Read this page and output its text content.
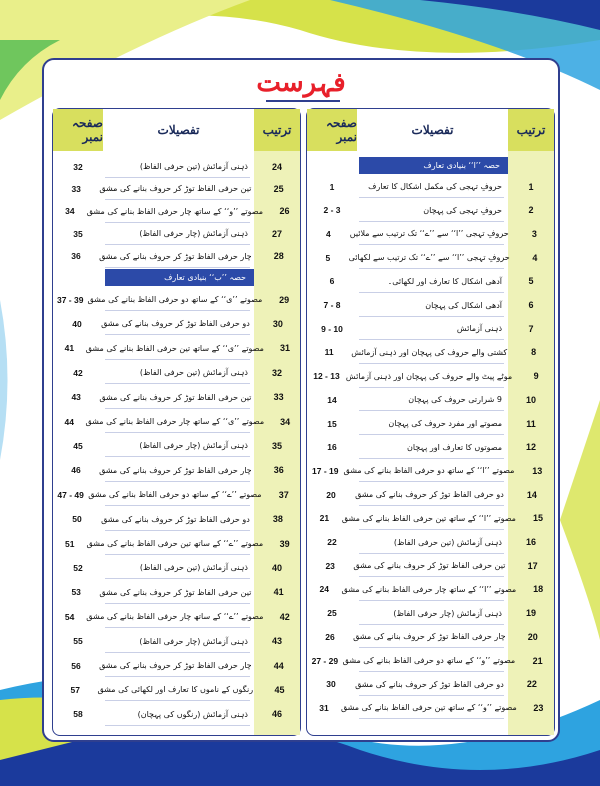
فہرست
صفحہ نمبر	تفصیلات	ترتیب
حصہ ’’ا‘‘ بنیادی تعارف
1	حروفِ تہجی کی مکمل اشکال کا تعارف	1
2 - 3	حروفِ تہجی کی پہچان	2
4	حروفِ تہجی ’’ا‘‘ سے ’’ے‘‘ تک ترتیب سے ملائیں	3
5	حروفِ تہجی ’’ا‘‘ سے ’’ے‘‘ تک ترتیب سے لکھائی	4
6	آدھی اشکال کا تعارف اور لکھائی۔	5
7 - 8	آدھی اشکال کی پہچان	6
9 - 10	ذہنی آزمائش	7
11	کشتی والے حروف کی پہچان اور ذہنی آزمائش	8
12 - 13 موٹے پیٹ والے حروف کی پہچان اور ذہنی آزمائش	9
14	9 شرارتی حروف کی پہچان	10
15	مصوتے اور مفرد حروف کی پہچان	11
16	مصوتوں کا تعارف اور پہچان	12
17 - 19 مصوتے ’’ا‘‘ کے ساتھ دو حرفی الفاظ بنانے کی مشق	13
20	دو حرفی الفاظ توڑ کر حروف بنانے کی مشق	14
21	مصوتے ’’ا‘‘ کے ساتھ تین حرفی الفاظ بنانے کی مشق	15
22	ذہنی آزمائش (تین حرفی الفاظ)	16
23	تین حرفی الفاظ توڑ کر حروف بنانے کی مشق	17
24	مصوتے ’’ا‘‘ کے ساتھ چار حرفی الفاظ بنانے کی مشق	18
25	ذہنی آزمائش (چار حرفی الفاظ)	19
26	چار حرفی الفاظ توڑ کر حروف بنانے کی مشق	20
27 - 29 مصوتے ’’و‘‘ کے ساتھ دو حرفی الفاظ بنانے کی مشق	21
30	دو حرفی الفاظ توڑ کر حروف بنانے کی مشق	22
31	مصوتے ’’و‘‘ کے ساتھ تین حرفی الفاظ بنانے کی مشق	23
صفحہ نمبر	تفصیلات	ترتیب
حصہ ’’ب‘‘ بنیادی تعارف
32	ذہنی آزمائش (تین حرفی الفاظ)	24
33	تین حرفی الفاظ توڑ کر حروف بنانے کی مشق	25
34	مصوتے ’’و‘‘ کے ساتھ چار حرفی الفاظ بنانے کی مشق	26
35	ذہنی آزمائش (چار حرفی الفاظ)	27
36	چار حرفی الفاظ توڑ کر حروف بنانے کی مشق	28
37 - 39 مصوتے ’’ی‘‘ کے ساتھ دو حرفی الفاظ بنانے کی مشق	29
40	دو حرفی الفاظ توڑ کر حروف بنانے کی مشق	30
41	مصوتے ’’ی‘‘ کے ساتھ تین حرفی الفاظ بنانے کی مشق	31
42	ذہنی آزمائش (تین حرفی الفاظ)	32
43	تین حرفی الفاظ توڑ کر حروف بنانے کی مشق	33
44	مصوتے ’’ی‘‘ کے ساتھ چار حرفی الفاظ بنانے کی مشق	34
45	ذہنی آزمائش (چار حرفی الفاظ)	35
46	چار حرفی الفاظ توڑ کر حروف بنانے کی مشق	36
47 - 49 مصوتے ’’ے‘‘ کے ساتھ دو حرفی الفاظ بنانے کی مشق	37
50	دو حرفی الفاظ توڑ کر حروف بنانے کی مشق	38
51	مصوتے ’’ے‘‘ کے ساتھ تین حرفی الفاظ بنانے کی مشق	39
52	ذہنی آزمائش (تین حرفی الفاظ)	40
53	تین حرفی الفاظ توڑ کر حروف بنانے کی مشق	41
54	مصوتے ’’ے‘‘ کے ساتھ چار حرفی الفاظ بنانے کی مشق	42
55	ذہنی آزمائش (چار حرفی الفاظ)	43
56	چار حرفی الفاظ توڑ کر حروف بنانے کی مشق	44
57	رنگوں کے ناموں کا تعارف اور لکھائی کی مشق	45
58	ذہنی آزمائش (رنگوں کی پہچان)	46
